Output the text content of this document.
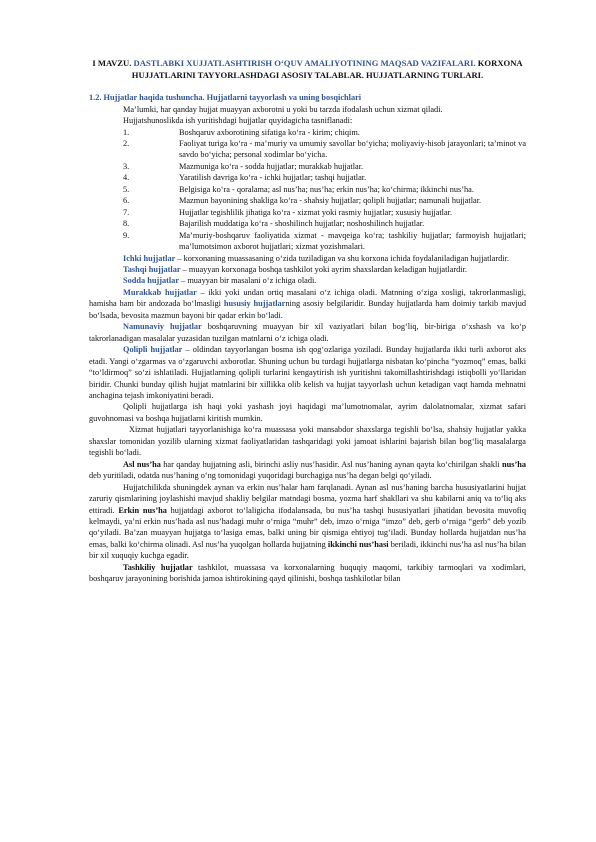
I MAVZU. DASTLABKI XUJJATLASHTIRISH O‘QUV AMALIYOTINING MAQSAD VAZIFALARI. KORXONA HUJJATLARINI TAYYORLASHDAGI ASOSIY TALABLAR. HUJJATLARNING TURLARI.

1.2. Hujjatlar haqida tushuncha. Hujjatlarni tayyorlash va uning bosqichlari

Ma’lumki, har qanday hujjat muayyan axborotni u yoki bu tarzda ifodalash uchun xizmat qiladi.

Hujjatshunoslikda ish yuritishdagi hujjatlar quyidagicha tasniflanadi:

1.	Boshqaruv axborotining sifatiga ko‘ra - kirim; chiqim.
2.	Faoliyat turiga ko‘ra - ma’muriy va umumiy savollar bo‘yicha; moliyaviy-hisob jarayonlari; ta’minot va savdo bo‘yicha; personal xodimlar bo‘yicha.
3.	Mazmuniga ko‘ra - sodda hujjatlar; murakkab hujjatlar.
4.	Yaratilish davriga ko‘ra - ichki hujjatlar; tashqi hujjatlar.
5.	Belgisiga ko‘ra - qoralama; asl nus’ha; nus’ha; erkin nus’ha; ko‘chirma; ikkinchi nus’ha.
6.	Mazmun bayonining shakliga ko‘ra - shahsiy hujjatlar; qolipli hujjatlar; namunali hujjatlar.
7.	Hujjatlar tegishlilik jihatiga ko‘ra - xizmat yoki rasmiy hujjatlar; xususiy hujjatlar.
8.	Bajarilish muddatiga ko‘ra - shoshilinch hujjatlar; noshoshilinch hujjatlar.
9.	Ma’muriy-boshqaruv faoliyatida xizmat - mavqeiga ko‘ra; tashkiliy hujjatlar; farmoyish hujjatlari; ma’lumotsimon axborot hujjatlari; xizmat yozishmalari.

Ichki hujjatlar – korxonaning muassasaning o‘zida tuziladigan va shu korxona ichida foydalaniladigan hujjatlardir.

Tashqi hujjatlar – muayyan korxonaga boshqa tashkilot yoki ayrim shaxslardan keladigan hujjatlardir.

Sodda hujjatlar – muayyan bir masalani o‘z ichiga oladi.

Murakkab hujjatlar – ikki yoki undan ortiq masalani o‘z ichiga oladi. Matnning o‘ziga xosligi, takrorlanmasligi, hamisha ham bir andozada bo‘lmasligi hususiy hujjatlarning asosiy belgilaridir. Bunday hujjatlarda ham doimiy tarkib mavjud bo‘lsada, bevosita mazmun bayoni bir qadar erkin bo‘ladi.

Namunaviy hujjatlar boshqaruvning muayyan bir xil vaziyatlari bilan bog‘liq, bir-biriga o‘xshash va ko‘p takrorlanadigan masalalar yuzasidan tuzilgan matnlarni o‘z ichiga oladi.

Qolipli hujjatlar – oldindan tayyorlangan bosma ish qog‘ozlariga yoziladi. Bunday hujjatlarda ikki turli axborot aks etadi. Yangi o‘zgarmas va o‘zgaruvchi axborotlar. Shuning uchun bu turdagi hujjatlarga nisbatan ko‘pincha “yozmoq” emas, balki “to‘ldirmoq” so‘zi ishlatiladi. Hujjatlarning qolipli turlarini kengaytirish ish yuritishni takomillashtirishdagi istiqbolli yo‘llaridan biridir. Chunki bunday qilish hujjat matnlarini bir xillikka olib kelish va hujjat tayyorlash uchun ketadigan vaqt hamda mehnatni anchagina tejash imkoniyatini beradi.

Qolipli hujjatlarga ish haqi yoki yashash joyi haqidagi ma’lumotnomalar, ayrim dalolatnomalar, xizmat safari guvohnomasi va boshqa hujjatlarni kiritish mumkin.

Xizmat hujjatlari tayyorlanishiga ko‘ra muassasa yoki mansabdor shaxslarga tegishli bo‘lsa, shahsiy hujjatlar yakka shaxslar tomonidan yozilib ularning xizmat faoliyatlaridan tashqaridagi yoki jamoat ishlarini bajarish bilan bog‘liq masalalarga tegishli bo‘ladi.

Asl nus’ha har qanday hujjatning asli, birinchi asliy nus’hasidir. Asl nus’haning aynan qayta ko‘chirilgan shakli nus’ha deb yuritiladi, odatda nus’haning o‘ng tomonidagi yuqoridagi burchagiga nus’ha degan belgi qo‘yiladi.

Hujjatchilikda shuningdek aynan va erkin nus’halar ham farqlanadi. Aynan asl nus’haning barcha hususiyatlarini hujjat zaruriy qismlarining joylashishi mavjud shakliy belgilar matndagi bosma, yozma harf shakllari va shu kabilarni aniq va to‘liq aks ettiradi. Erkin nus’ha hujjatdagi axborot to‘laligicha ifodalansada, bu nus’ha tashqi hususiyatlari jihatidan bevosita muvofiq kelmaydi, ya’ni erkin nus’hada asl nus’hadagi muhr o‘rniga “muhr” deb, imzo o‘rniga “imzo” deb, gerb o‘rniga “gerb” deb yozib qo‘yiladi. Ba’zan muayyan hujjatga to‘lasiga emas, balki uning bir qismiga ehtiyoj tug‘iladi. Bunday hollarda hujjatdan nus’ha emas, balki ko‘chirma olinadi. Asl nus’ha yuqolgan hollarda hujjatning ikkinchi nus’hasi beriladi, ikkinchi nus’ha asl nus’ha bilan bir xil xuquqiy kuchga egadir.

Tashkiliy hujjatlar tashkilot, muassasa va korxonalarning huquqiy maqomi, tarkibiy tarmoqlari va xodimlari, boshqaruv jarayonining borishida jamoa ishtirokining qayd qilinishi, boshqa tashkilotlar bilan
